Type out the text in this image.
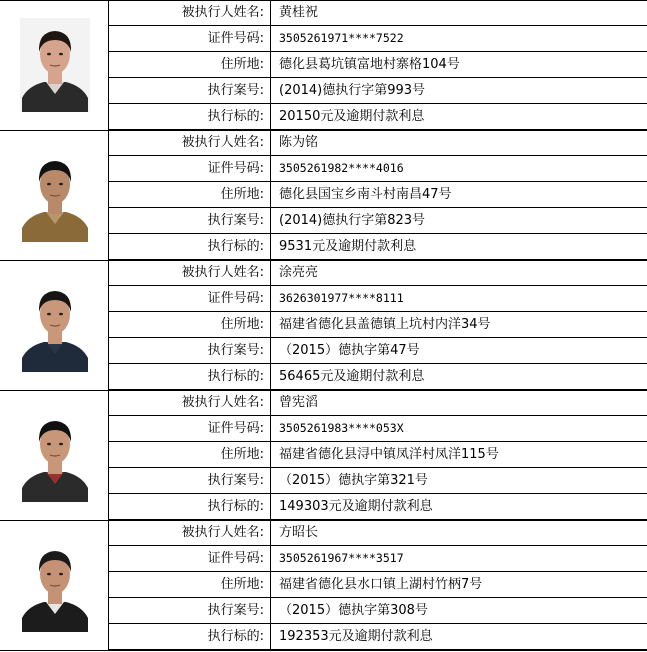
被执行人姓名:	黄桂祝
证件号码:	3505261971****7522
住所地:	德化县葛坑镇富地村寨格104号
执行案号:	(2014)德执行字第993号
执行标的:	20150元及逾期付款利息
被执行人姓名:	陈为铭
证件号码:	3505261982****4016
住所地:	德化县国宝乡南斗村南昌47号
执行案号:	(2014)德执行字第823号
执行标的:	9531元及逾期付款利息
被执行人姓名:	涂亮亮
证件号码:	3626301977****8111
住所地:	福建省德化县盖德镇上坑村内洋34号
执行案号:	（2015）德执字第47号
执行标的:	56465元及逾期付款利息
被执行人姓名:	曾宪滔
证件号码:	3505261983****053X
住所地:	福建省德化县浔中镇凤洋村凤洋115号
执行案号:	（2015）德执字第321号
执行标的:	149303元及逾期付款利息
被执行人姓名:	方昭长
证件号码:	3505261967****3517
住所地:	福建省德化县水口镇上湖村竹柄7号
执行案号:	（2015）德执字第308号
执行标的:	192353元及逾期付款利息
